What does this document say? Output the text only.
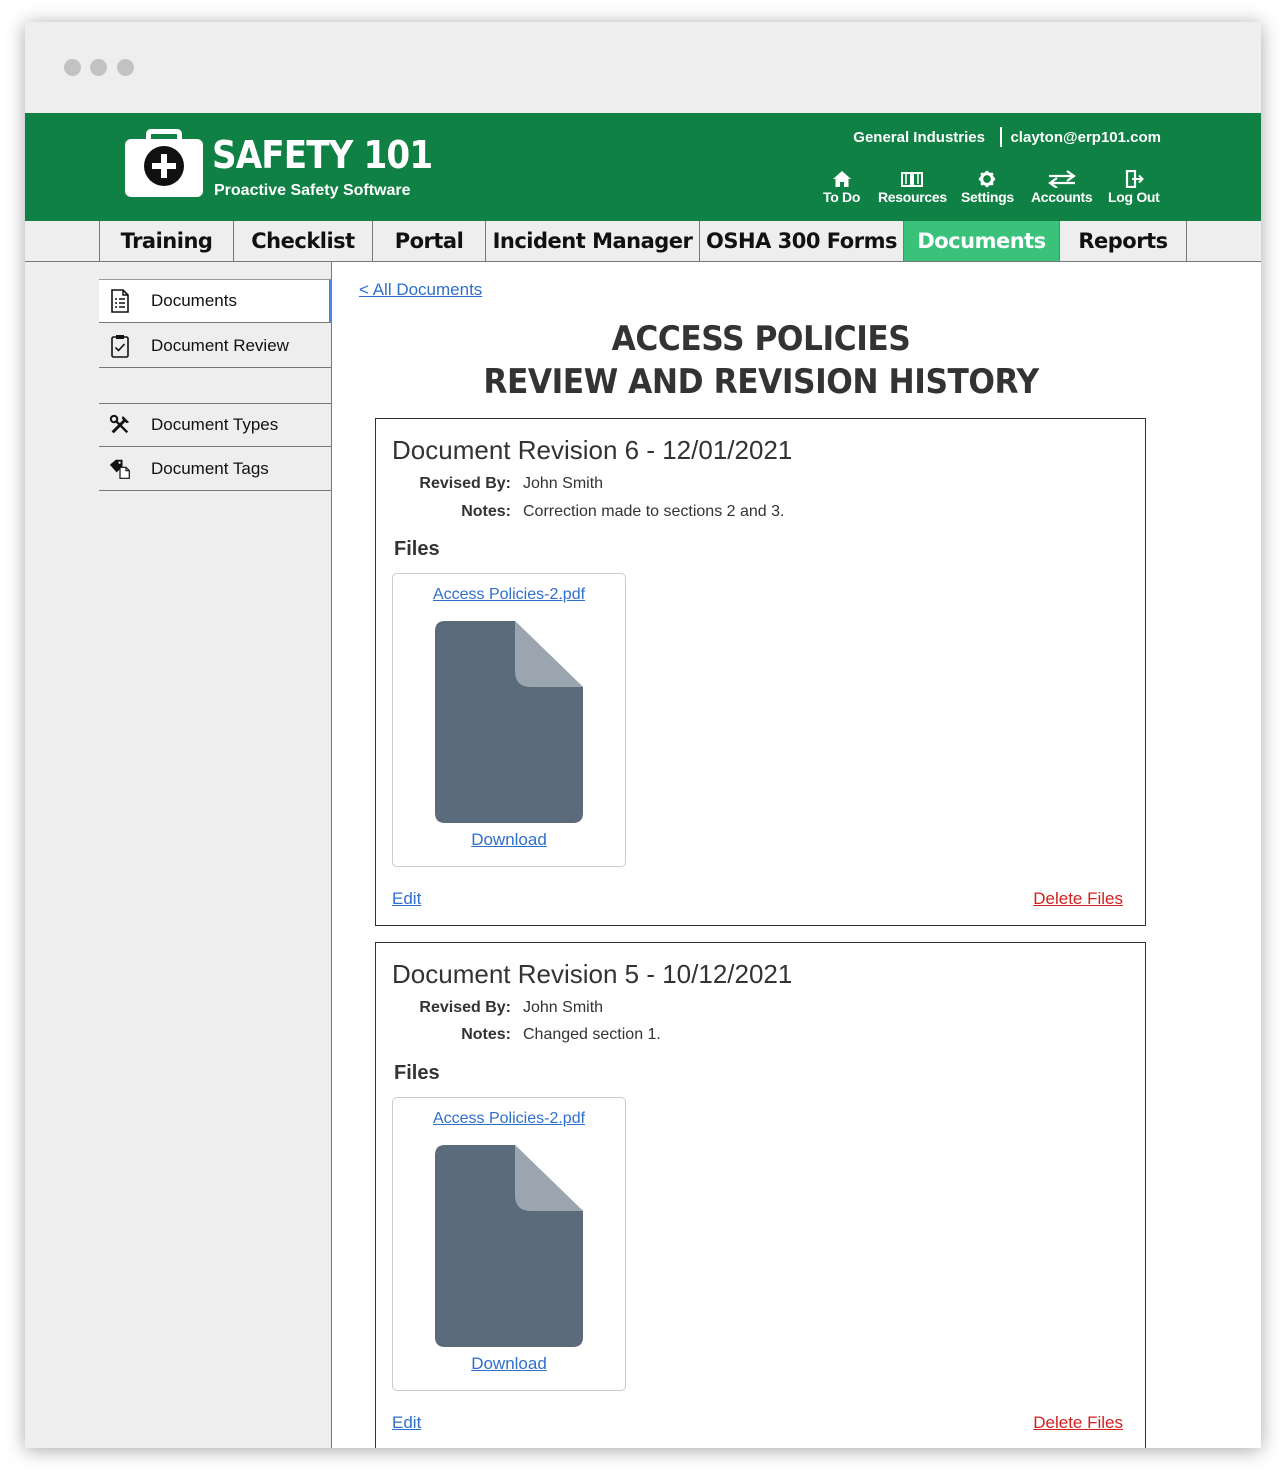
SAFETY 101
Proactive Safety Software
General Industries clayton@erp101.com
To Do Resources Settings Accounts Log Out
Training	Checklist	Portal	Incident Manager OSHA 300 Forms Documents	Reports
Documents
Document Review
Document Types
Document Tags
< All Documents
ACCESS POLICIES
REVIEW AND REVISION HISTORY
Document Revision 6 - 12/01/2021
Revised By: John Smith
Notes: Correction made to sections 2 and 3.
Files
Access Policies-2.pdf
Download
Edit	Delete Files
Document Revision 5 - 10/12/2021
Revised By: John Smith
Notes: Changed section 1.
Files
Access Policies-2.pdf
Download
Edit	Delete Files
